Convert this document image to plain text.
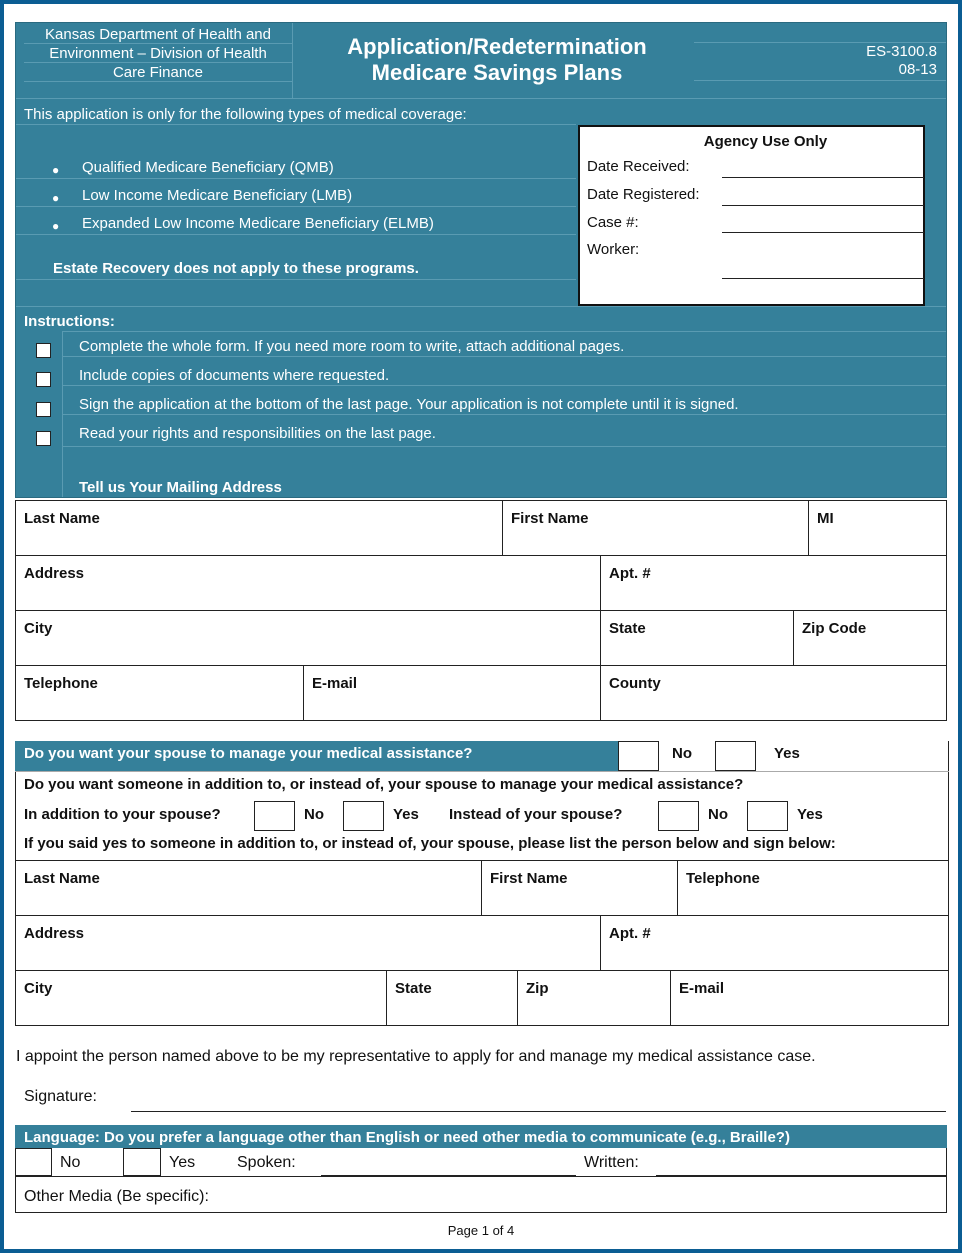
Kansas Department of Health and
Environment – Division of Health
Care Finance
Application/Redetermination
Medicare Savings Plans
ES-3100.8
08-13
This application is only for the following types of medical coverage:
●
●
●
Qualified Medicare Beneficiary (QMB)
Low Income Medicare Beneficiary (LMB)
Expanded Low Income Medicare Beneficiary (ELMB)
Estate Recovery does not apply to these programs.
Agency Use Only
Date Received:
Date Registered:
Case #:
Worker:
Instructions:
Complete the whole form. If you need more room to write, attach additional pages.
Include copies of documents where requested.
Sign the application at the bottom of the last page. Your application is not complete until it is signed.
Read your rights and responsibilities on the last page.
Tell us Your Mailing Address
Last Name	First Name	MI
Address	Apt. #
City	State	Zip Code
Telephone	E-mail	County
Do you want your spouse to manage your medical assistance?	No	Yes
Do you want someone in addition to, or instead of, your spouse to manage your medical assistance?
In addition to your spouse?	No	Yes Instead of your spouse?	No	Yes
If you said yes to someone in addition to, or instead of, your spouse, please list the person below and sign below:
Last Name	First Name	Telephone
Address	Apt. #
City	State	Zip	E-mail
I appoint the person named above to be my representative to apply for and manage my medical assistance case.
Signature:
Language: Do you prefer a language other than English or need other media to communicate (e.g., Braille?)
No	Yes	Spoken:	Written:
Other Media (Be specific):
Page 1 of 4
